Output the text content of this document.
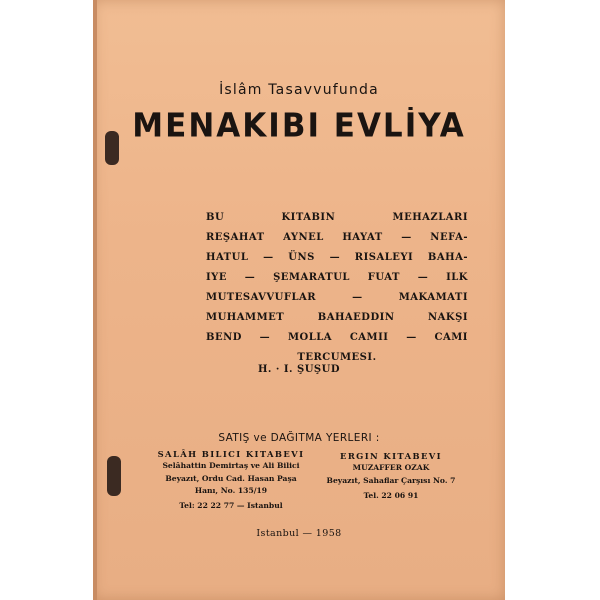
İslâm Tasavvufunda
MENAKIBI EVLİYA
BU KITABIN MEHAZLARI
REŞAHAT AYNEL HAYAT — NEFA-
HATUL — ÜNS — RISALEYI BAHA-
IYE — ŞEMARATUL FUAT — ILK
MUTESAVVUFLAR — MAKAMATI
MUHAMMET BAHAEDDIN NAKŞI
BEND — MOLLA CAMII — CAMI
TERCUMESI.
H. · I. ŞUŞUD
SATIŞ ve DAĞITMA YERLERI :
SALÂH BILICI KITABEVI
Selâhattin Demirtaş ve Ali Bilici
Beyazıt, Ordu Cad. Hasan Paşa
Hanı, No. 135/19
Tel: 22 22 77 — Istanbul
ERGIN KITABEVI
MUZAFFER OZAK
Beyazıt, Sahaflar Çarşısı No. 7
Tel. 22 06 91
Istanbul — 1958
